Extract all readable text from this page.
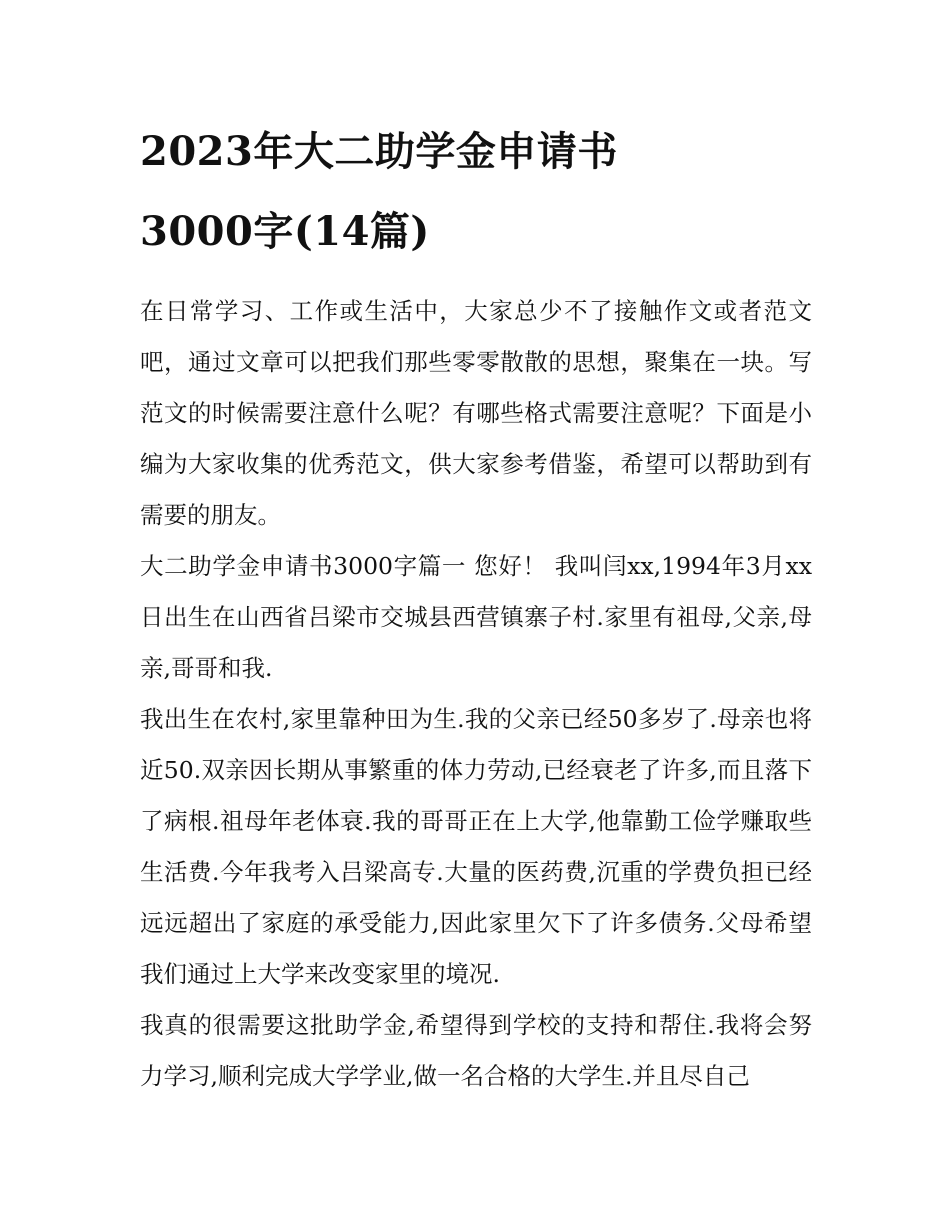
2023年大二助学金申请书
3000字(14篇)

在日常学习、工作或生活中，大家总少不了接触作文或者范文吧，通过文章可以把我们那些零零散散的思想，聚集在一块。写范文的时候需要注意什么呢？有哪些格式需要注意呢？下面是小编为大家收集的优秀范文，供大家参考借鉴，希望可以帮助到有需要的朋友。

大二助学金申请书3000字篇一 您好！ 我叫闫xx,1994年3月xx日出生在山西省吕梁市交城县西营镇寨子村.家里有祖母,父亲,母亲,哥哥和我.

我出生在农村,家里靠种田为生.我的父亲已经50多岁了.母亲也将近50.双亲因长期从事繁重的体力劳动,已经衰老了许多,而且落下了病根.祖母年老体衰.我的哥哥正在上大学,他靠勤工俭学赚取些生活费.今年我考入吕梁高专.大量的医药费,沉重的学费负担已经远远超出了家庭的承受能力,因此家里欠下了许多债务.父母希望我们通过上大学来改变家里的境况.

我真的很需要这批助学金,希望得到学校的支持和帮住.我将会努力学习,顺利完成大学学业,做一名合格的大学生.并且尽自己
